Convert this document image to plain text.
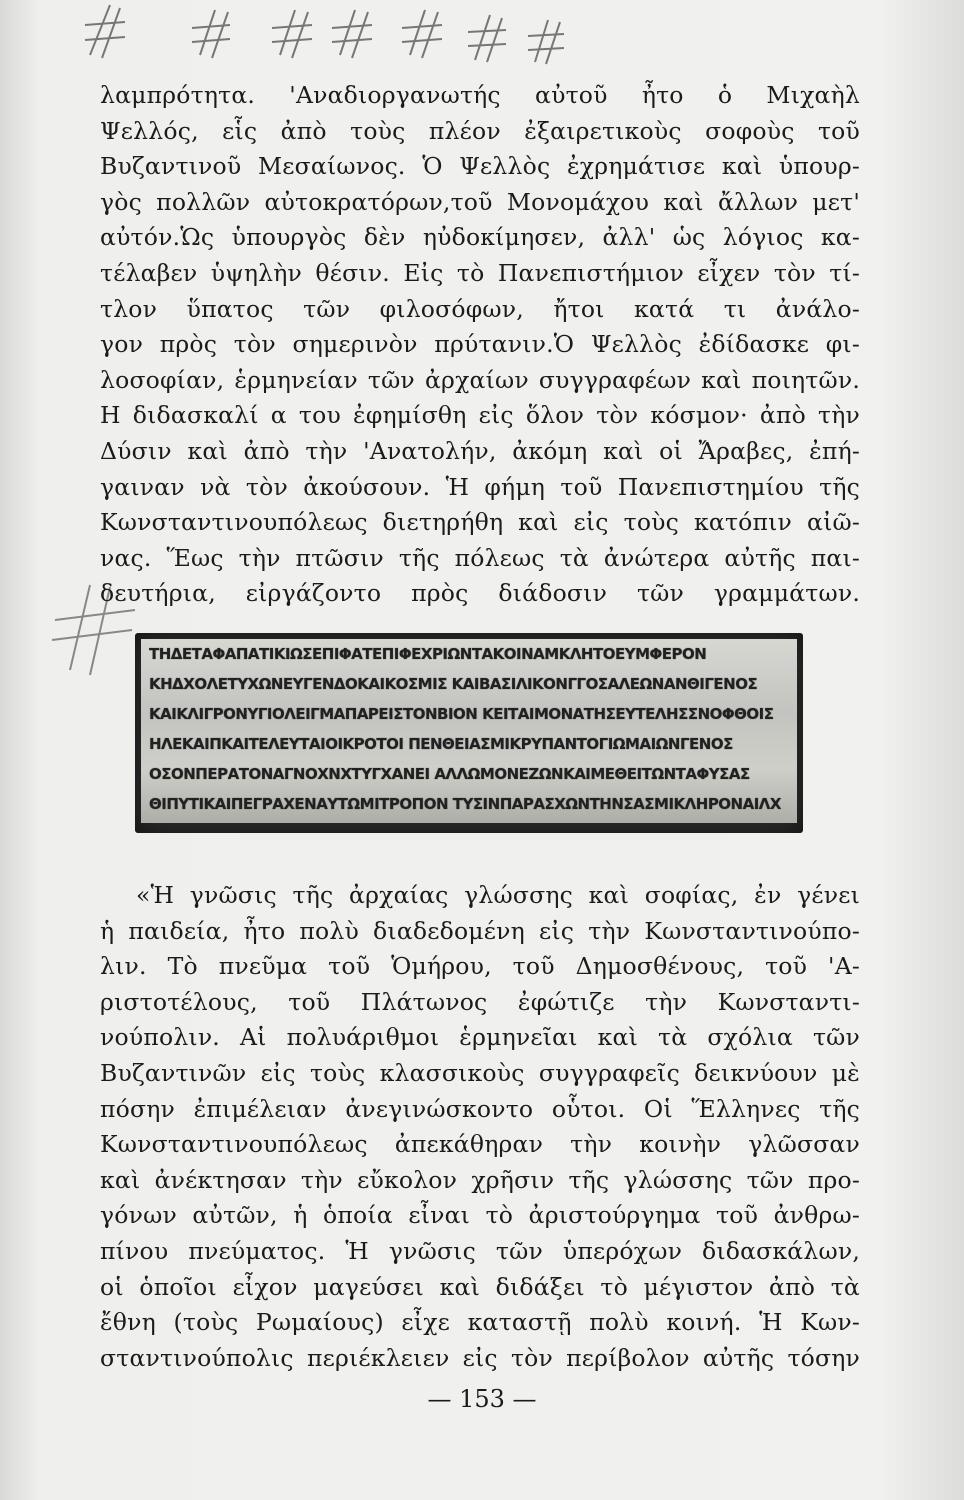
λαμπρότητα. 'Αναδιοργανωτής αὐτοῦ ἦτο ὁ Μιχαὴλ
Ψελλός, εἷς ἀπὸ τοὺς πλέον ἐξαιρετικοὺς σοφοὺς τοῦ
Βυζαντινοῦ Μεσαίωνος. Ὁ Ψελλὸς ἐχρημάτισε καὶ ὑπουρ-
γὸς πολλῶν αὐτοκρατόρων,τοῦ Μονομάχου καὶ ἄλλων μετ'
αὐτόν.Ὡς ὑπουργὸς δὲν ηὐδοκίμησεν, ἀλλ' ὡς λόγιος κα-
τέλαβεν ὑψηλὴν θέσιν. Εἰς τὸ Πανεπιστήμιον εἶχεν τὸν τί-
τλον ὕπατος τῶν φιλοσόφων, ἤτοι κατά τι ἀνάλο-
γον πρὸς τὸν σημερινὸν πρύτανιν.Ὁ Ψελλὸς ἐδίδασκε φι-
λοσοφίαν, ἑρμηνείαν τῶν ἀρχαίων συγγραφέων καὶ ποιητῶν.
Η διδασκαλί α του ἐφημίσθη εἰς ὅλον τὸν κόσμον· ἀπὸ τὴν
Δύσιν καὶ ἀπὸ τὴν 'Ανατολήν, ἀκόμη καὶ οἱ Ἄραβες, ἐπή-
γαιναν νὰ τὸν ἀκούσουν. Ἡ φήμη τοῦ Πανεπιστημίου τῆς
Κωνσταντινουπόλεως διετηρήθη καὶ εἰς τοὺς κατόπιν αἰῶ-
νας. Ἕως τὴν πτῶσιν τῆς πόλεως τὰ ἀνώτερα αὐτῆς παι-
δευτήρια, εἰργάζοντο πρὸς διάδοσιν τῶν γραμμάτων.

ΤΗΔΕΤΑΦΑΠΑΤΙΚΙΩΣΕΠΙΦΑΤΕΠΙΦΕΧΡΙΩΝΤΑΚΟΙΝΑΜΚΛΗΤΟΕΥΜΦΕΡΟΝ
ΚΗΔΧΟΛΕΤΥΧΩΝΕΥΓΕΝΔΟΚΑΙΚΟΣΜΙΣ ΚΑΙΒΑΣΙΛΙΚΟΝΓΓΟΣΑΛΕΩΝΑΝΘΙΓΕΝΟΣ
ΚΑΙΚΛΙΓΡΟΝΥΓΙΟΛΕΙΓΜΑΠΑΡΕΙΣΤΟΝΒΙΟΝ ΚΕΙΤΑΙΜΟΝΑΤΗΣΕΥΤΕΛΗΣΣΝΟΦΘΟΙΣ
ΗΛΕΚΑΙΠΚΑΙΤΕΛΕΥΤΑΙΟΙΚΡΟΤΟΙ ΠΕΝΘΕΙΑΣΜΙΚΡΥΠΑΝΤΟΓΙΩΜΑΙΩΝΓΕΝΟΣ
ΟΣΟΝΠΕΡΑΤΟΝΑΓΝΟΧΝΧΤΥΓΧΑΝΕΙ ΑΛΛΩΜΟΝΕΖΩΝΚΑΙΜΕΘΕΙΤΩΝΤΑΦΥΣΑΣ
ΘΙΠΥΤΙΚΑΙΠΕΓΡΑΧΕΝΑΥΤΩΜΙΤΡΟΠΟΝ ΤΥΣΙΝΠΑΡΑΣΧΩΝΤΗΝΣΑΣΜΙΚΛΗΡΟΝΑΙΛΧ

«Ἡ γνῶσις τῆς ἀρχαίας γλώσσης καὶ σοφίας, ἐν γένει
ἡ παιδεία, ἦτο πολὺ διαδεδομένη εἰς τὴν Κωνσταντινούπο-
λιν. Τὸ πνεῦμα τοῦ Ὁμήρου, τοῦ Δημοσθένους, τοῦ 'Α-
ριστοτέλους, τοῦ Πλάτωνος ἐφώτιζε τὴν Κωνσταντι-
νούπολιν. Αἱ πολυάριθμοι ἑρμηνεῖαι καὶ τὰ σχόλια τῶν
Βυζαντινῶν εἰς τοὺς κλασσικοὺς συγγραφεῖς δεικνύουν μὲ
πόσην ἐπιμέλειαν ἀνεγινώσκοντο οὗτοι. Οἱ Ἕλληνες τῆς
Κωνσταντινουπόλεως ἀπεκάθηραν τὴν κοινὴν γλῶσσαν
καὶ ἀνέκτησαν τὴν εὔκολον χρῆσιν τῆς γλώσσης τῶν προ-
γόνων αὐτῶν, ἡ ὁποία εἶναι τὸ ἀριστούργημα τοῦ ἀνθρω-
πίνου πνεύματος. Ἡ γνῶσις τῶν ὑπερόχων διδασκάλων,
οἱ ὁποῖοι εἶχον μαγεύσει καὶ διδάξει τὸ μέγιστον ἀπὸ τὰ
ἔθνη (τοὺς Ρωμαίους) εἶχε καταστῇ πολὺ κοινή. Ἡ Κων-
σταντινούπολις περιέκλειεν εἰς τὸν περίβολον αὐτῆς τόσην

— 153 —
